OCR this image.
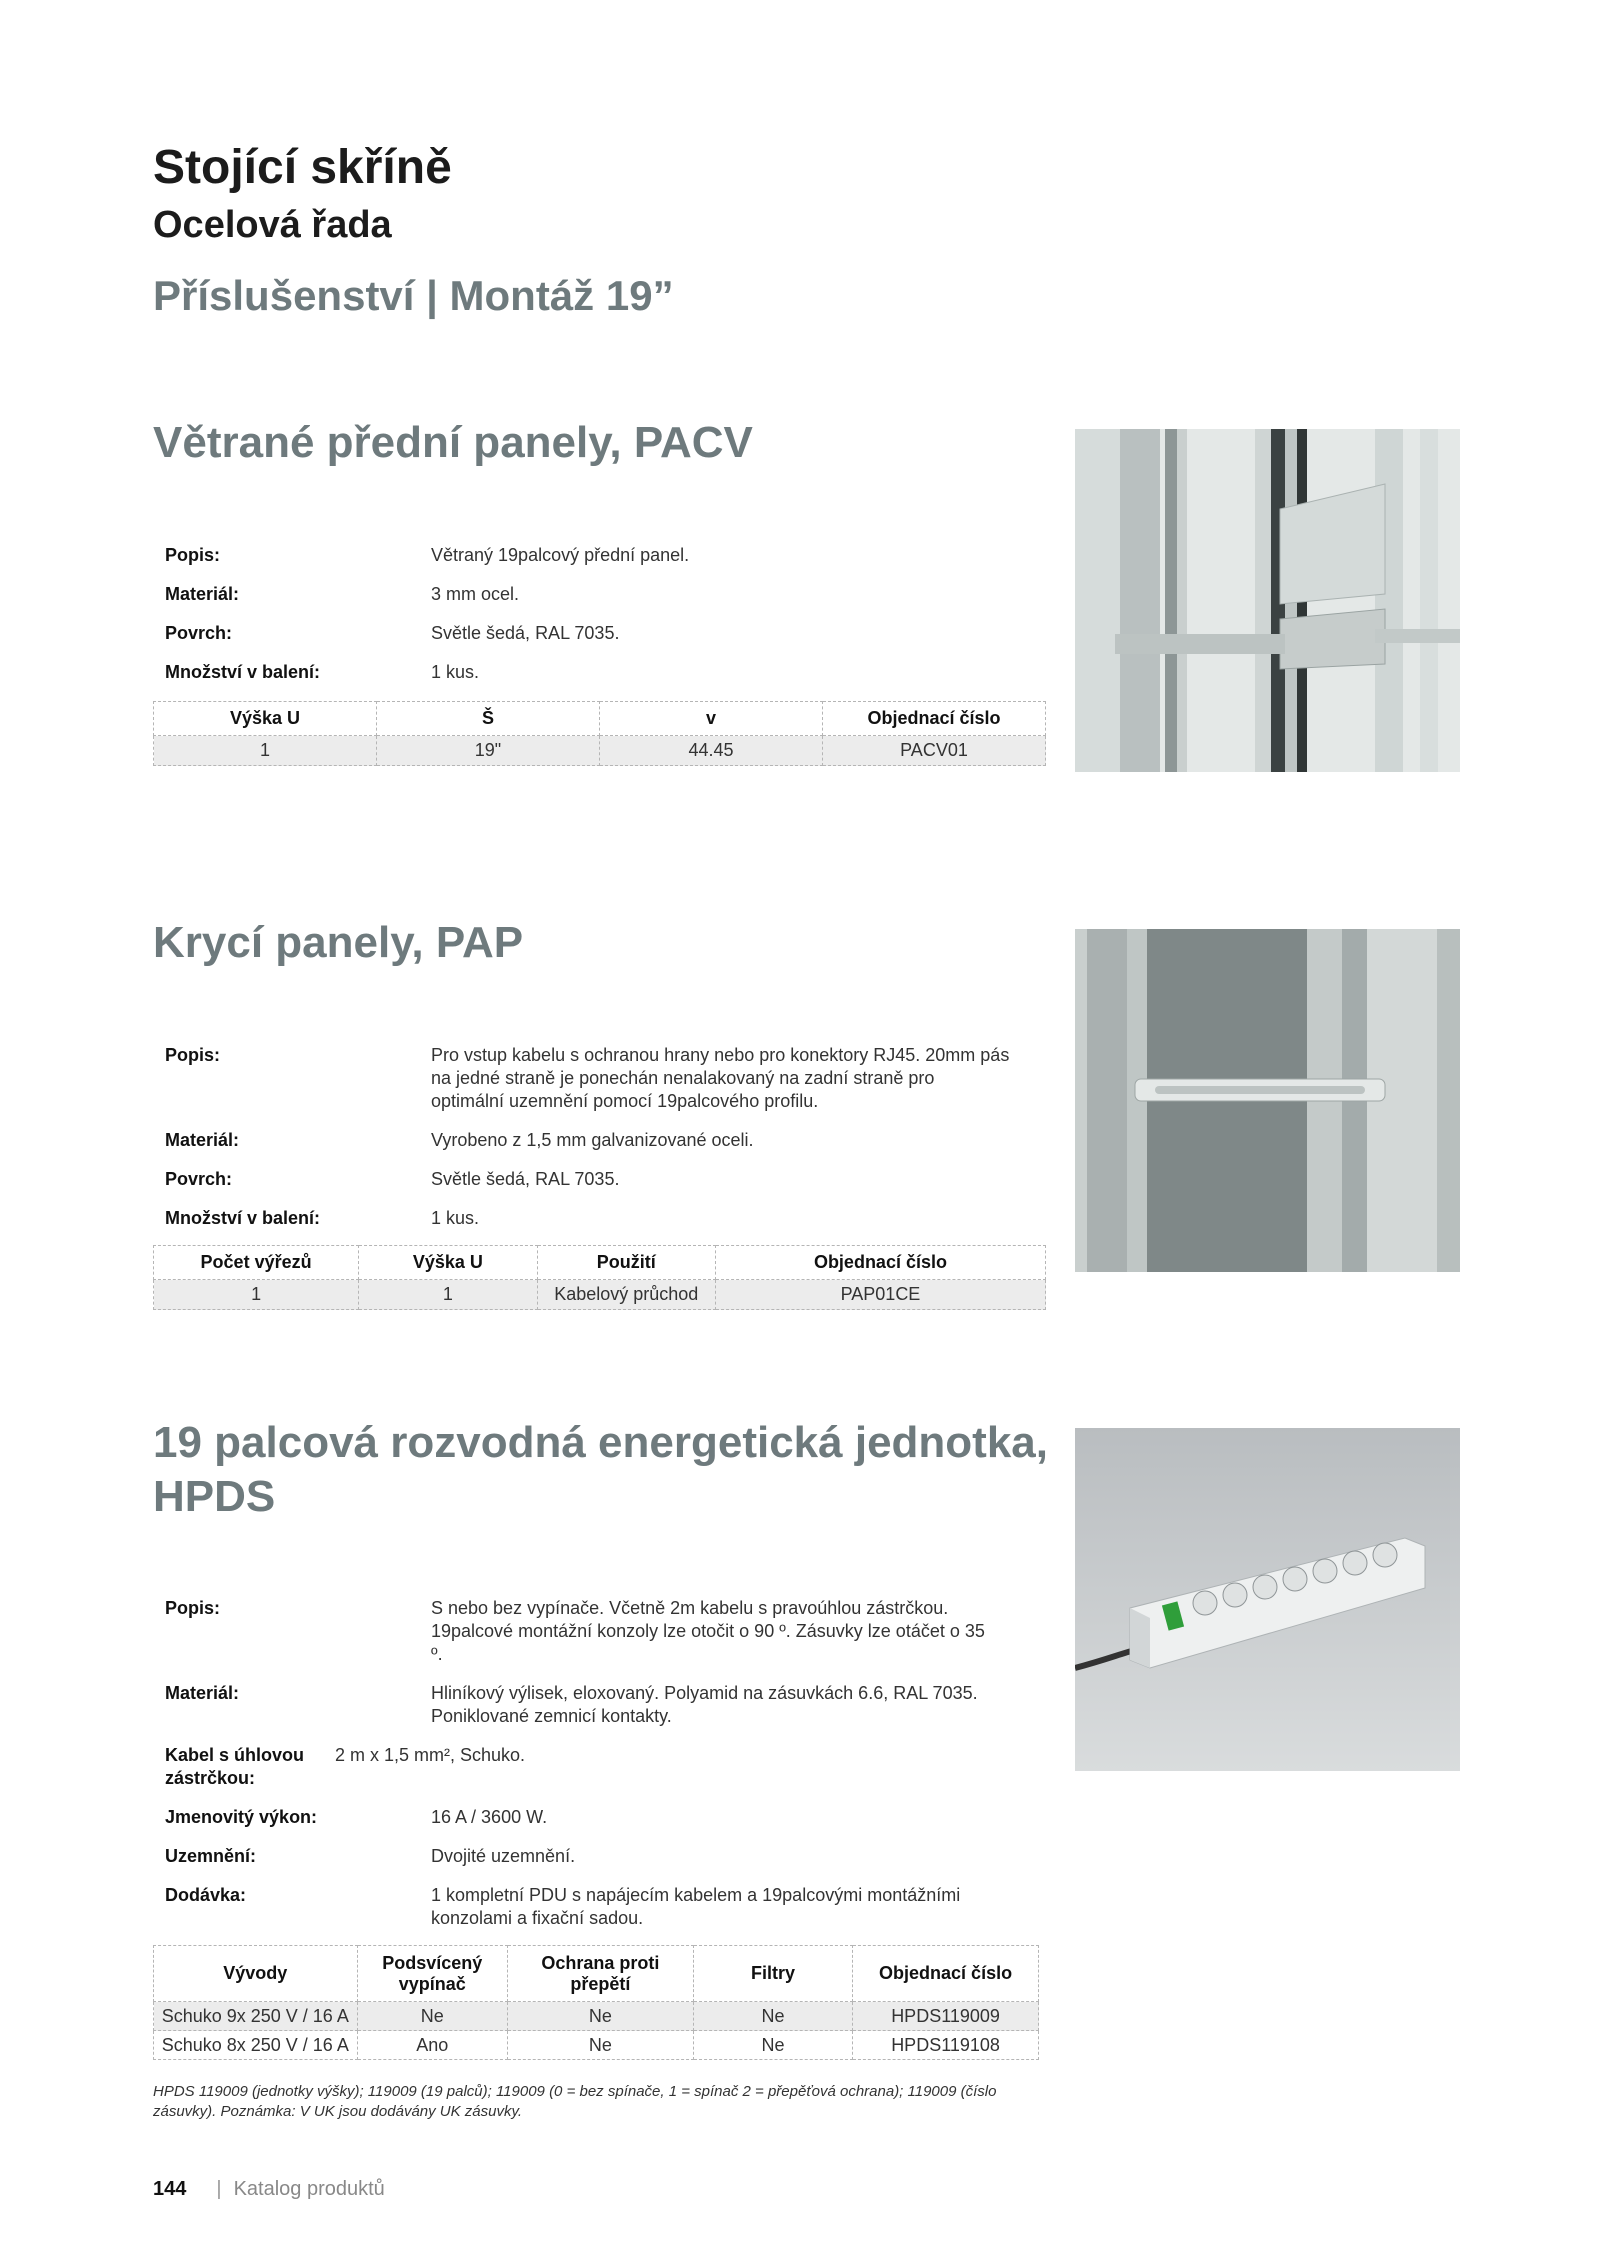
Stojící skříně
Ocelová řada
Příslušenství | Montáž 19”
Větrané přední panely, PACV
Popis:	Větraný 19palcový přední panel.
Materiál:	3 mm ocel.
Povrch:	Světle šedá, RAL 7035.
Množství v balení:	1 kus.
Výška U	Š	v	Objednací číslo
1	19"	44.45	PACV01
Krycí panely, PAP
Popis:	Pro vstup kabelu s ochranou hrany nebo pro konektory RJ45. 20mm pás na jedné straně je ponechán nenalakovaný na zadní straně pro optimální uzemnění pomocí 19palcového profilu.
Materiál:	Vyrobeno z 1,5 mm galvanizované oceli.
Povrch:	Světle šedá, RAL 7035.
Množství v balení:	1 kus.
Počet výřezů	Výška U	Použití	Objednací číslo
1	1	Kabelový průchod	PAP01CE
19 palcová rozvodná energetická jednotka, HPDS
Popis:	S nebo bez vypínače. Včetně 2m kabelu s pravoúhlou zástrčkou. 19palcové montážní konzoly lze otočit o 90 º. Zásuvky lze otáčet o 35 º.
Materiál:	Hliníkový výlisek, eloxovaný. Polyamid na zásuvkách 6.6, RAL 7035. Poniklované zemnicí kontakty.
Kabel s úhlovou zástrčkou:
2 m x 1,5 mm², Schuko.
Jmenovitý výkon:	16 A / 3600 W.
Uzemnění:	Dvojité uzemnění.
Dodávka:	1 kompletní PDU s napájecím kabelem a 19palcovými montážními konzolami a fixační sadou.
Vývody	Podsvícený vypínač	Ochrana proti přepětí	Filtry	Objednací číslo
Schuko 9x 250 V / 16 A	Ne	Ne	Ne	HPDS119009
Schuko 8x 250 V / 16 A	Ano	Ne	Ne	HPDS119108
HPDS 119009 (jednotky výšky); 119009 (19 palců); 119009 (0 = bez spínače, 1 = spínač 2 = přepěťová ochrana); 119009 (číslo zásuvky). Poznámka: V UK jsou dodávány UK zásuvky.
144 | Katalog produktů
